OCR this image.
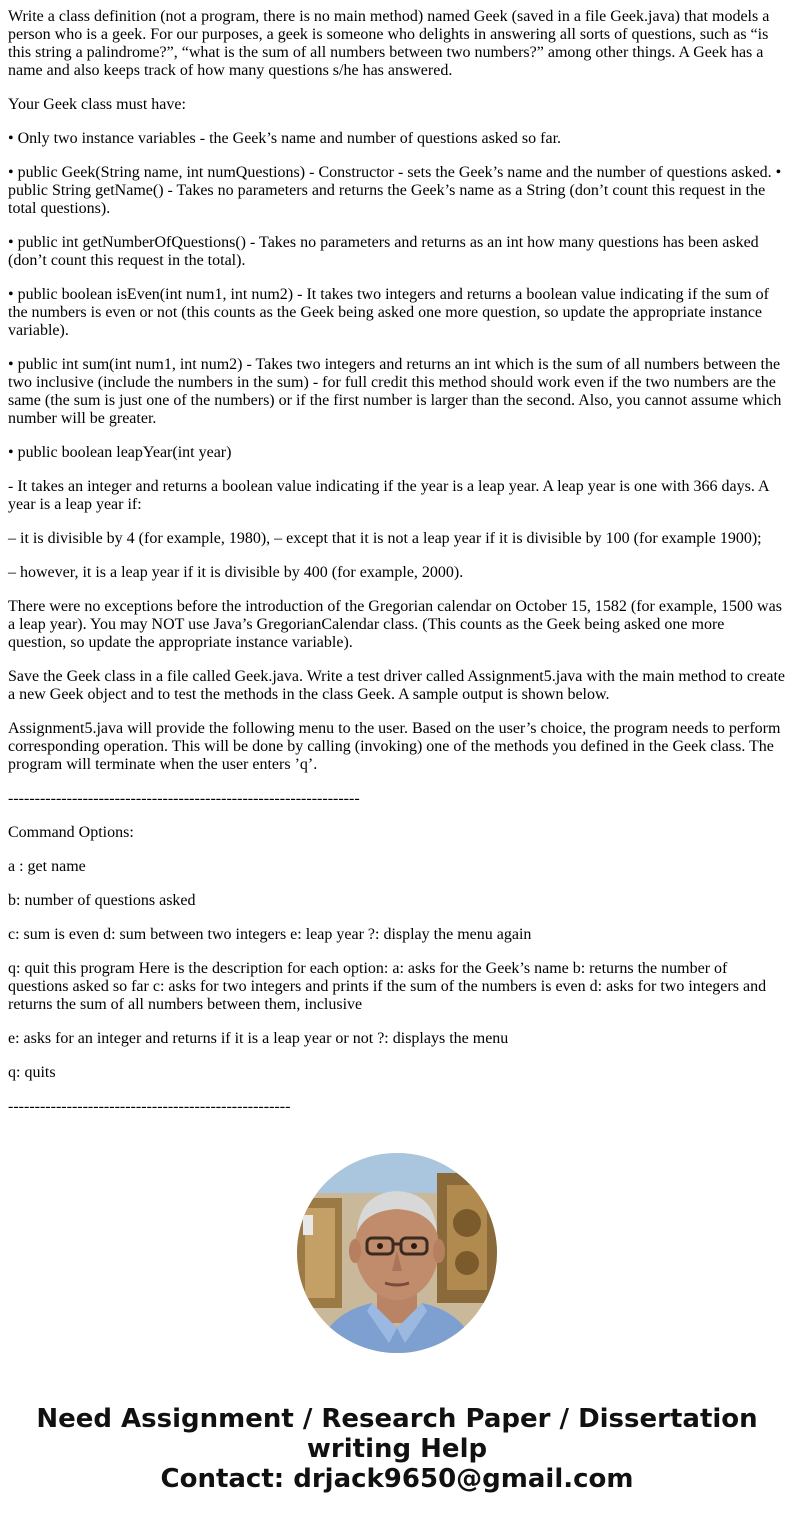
Write a class definition (not a program, there is no main method) named Geek (saved in a file Geek.java) that models a person who is a geek. For our purposes, a geek is someone who delights in answering all sorts of questions, such as “is this string a palindrome?”, “what is the sum of all numbers between two numbers?” among other things. A Geek has a name and also keeps track of how many questions s/he has answered.

Your Geek class must have:

• Only two instance variables - the Geek’s name and number of questions asked so far.

• public Geek(String name, int numQuestions) - Constructor - sets the Geek’s name and the number of questions asked. • public String getName() - Takes no parameters and returns the Geek’s name as a String (don’t count this request in the total questions).

• public int getNumberOfQuestions() - Takes no parameters and returns as an int how many questions has been asked (don’t count this request in the total).

• public boolean isEven(int num1, int num2) - It takes two integers and returns a boolean value indicating if the sum of the numbers is even or not (this counts as the Geek being asked one more question, so update the appropriate instance variable).

• public int sum(int num1, int num2) - Takes two integers and returns an int which is the sum of all numbers between the two inclusive (include the numbers in the sum) - for full credit this method should work even if the two numbers are the same (the sum is just one of the numbers) or if the first number is larger than the second. Also, you cannot assume which number will be greater.

• public boolean leapYear(int year)

- It takes an integer and returns a boolean value indicating if the year is a leap year. A leap year is one with 366 days. A year is a leap year if:

– it is divisible by 4 (for example, 1980), – except that it is not a leap year if it is divisible by 100 (for example 1900);

– however, it is a leap year if it is divisible by 400 (for example, 2000).

There were no exceptions before the introduction of the Gregorian calendar on October 15, 1582 (for example, 1500 was a leap year). You may NOT use Java’s GregorianCalendar class. (This counts as the Geek being asked one more question, so update the appropriate instance variable).

Save the Geek class in a file called Geek.java. Write a test driver called Assignment5.java with the main method to create a new Geek object and to test the methods in the class Geek. A sample output is shown below.

Assignment5.java will provide the following menu to the user. Based on the user’s choice, the program needs to perform corresponding operation. This will be done by calling (invoking) one of the methods you defined in the Geek class. The program will terminate when the user enters ’q’.

------------------------------------------------------------------

Command Options:

a : get name

b: number of questions asked

c: sum is even d: sum between two integers e: leap year ?: display the menu again

q: quit this program Here is the description for each option: a: asks for the Geek’s name b: returns the number of questions asked so far c: asks for two integers and prints if the sum of the numbers is even d: asks for two integers and returns the sum of all numbers between them, inclusive

e: asks for an integer and returns if it is a leap year or not ?: displays the menu

q: quits

-----------------------------------------------------

Need Assignment / Research Paper / Dissertation
writing Help
Contact: drjack9650@gmail.com
